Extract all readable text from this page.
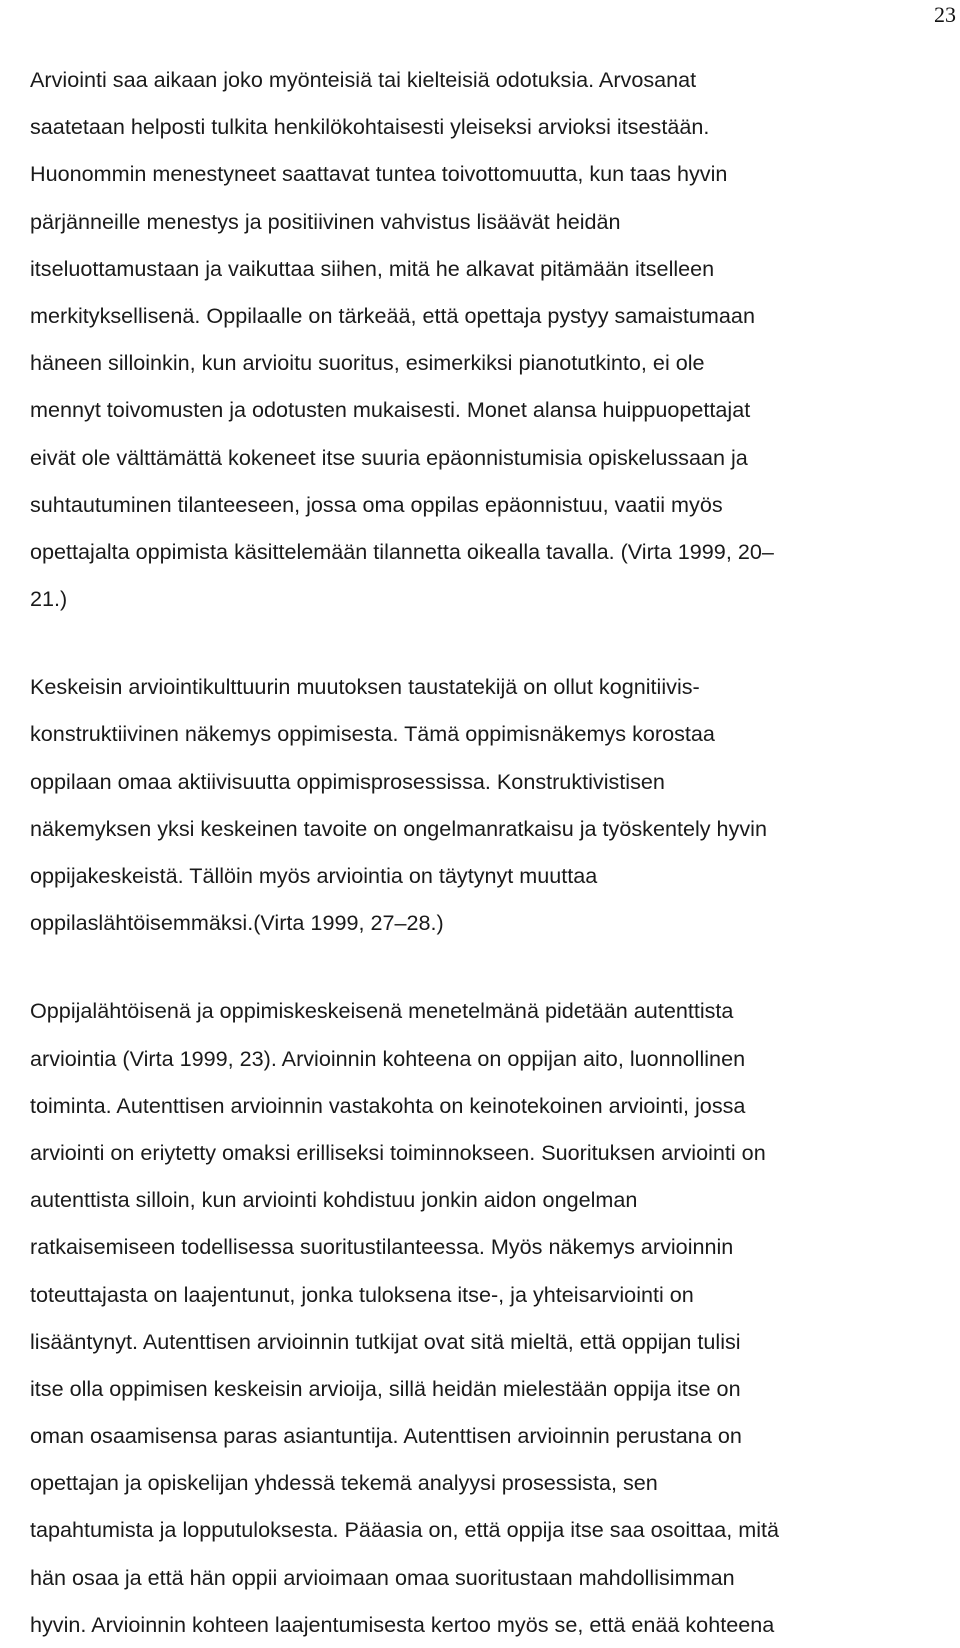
23
Arviointi saa aikaan joko myönteisiä tai kielteisiä odotuksia. Arvosanat
saatetaan helposti tulkita henkilökohtaisesti yleiseksi arvioksi itsestään.
Huonommin menestyneet saattavat tuntea toivottomuutta, kun taas hyvin
pärjänneille menestys ja positiivinen vahvistus lisäävät heidän
itseluottamustaan ja vaikuttaa siihen, mitä he alkavat pitämään itselleen
merkityksellisenä. Oppilaalle on tärkeää, että opettaja pystyy samaistumaan
häneen silloinkin, kun arvioitu suoritus, esimerkiksi pianotutkinto, ei ole
mennyt toivomusten ja odotusten mukaisesti. Monet alansa huippuopettajat
eivät ole välttämättä kokeneet itse suuria epäonnistumisia opiskelussaan ja
suhtautuminen tilanteeseen, jossa oma oppilas epäonnistuu, vaatii myös
opettajalta oppimista käsittelemään tilannetta oikealla tavalla. (Virta 1999, 20–
21.)
Keskeisin arviointikulttuurin muutoksen taustatekijä on ollut kognitiivis-
konstruktiivinen näkemys oppimisesta. Tämä oppimisnäkemys korostaa
oppilaan omaa aktiivisuutta oppimisprosessissa. Konstruktivistisen
näkemyksen yksi keskeinen tavoite on ongelmanratkaisu ja työskentely hyvin
oppijakeskeistä. Tällöin myös arviointia on täytynyt muuttaa
oppilaslähtöisemmäksi.(Virta 1999, 27–28.)
Oppijalähtöisenä ja oppimiskeskeisenä menetelmänä pidetään autenttista
arviointia (Virta 1999, 23). Arvioinnin kohteena on oppijan aito, luonnollinen
toiminta. Autenttisen arvioinnin vastakohta on keinotekoinen arviointi, jossa
arviointi on eriytetty omaksi erilliseksi toiminnokseen. Suorituksen arviointi on
autenttista silloin, kun arviointi kohdistuu jonkin aidon ongelman
ratkaisemiseen todellisessa suoritustilanteessa. Myös näkemys arvioinnin
toteuttajasta on laajentunut, jonka tuloksena itse-, ja yhteisarviointi on
lisääntynyt. Autenttisen arvioinnin tutkijat ovat sitä mieltä, että oppijan tulisi
itse olla oppimisen keskeisin arvioija, sillä heidän mielestään oppija itse on
oman osaamisensa paras asiantuntija. Autenttisen arvioinnin perustana on
opettajan ja opiskelijan yhdessä tekemä analyysi prosessista, sen
tapahtumista ja lopputuloksesta. Pääasia on, että oppija itse saa osoittaa, mitä
hän osaa ja että hän oppii arvioimaan omaa suoritustaan mahdollisimman
hyvin. Arvioinnin kohteen laajentumisesta kertoo myös se, että enää kohteena
